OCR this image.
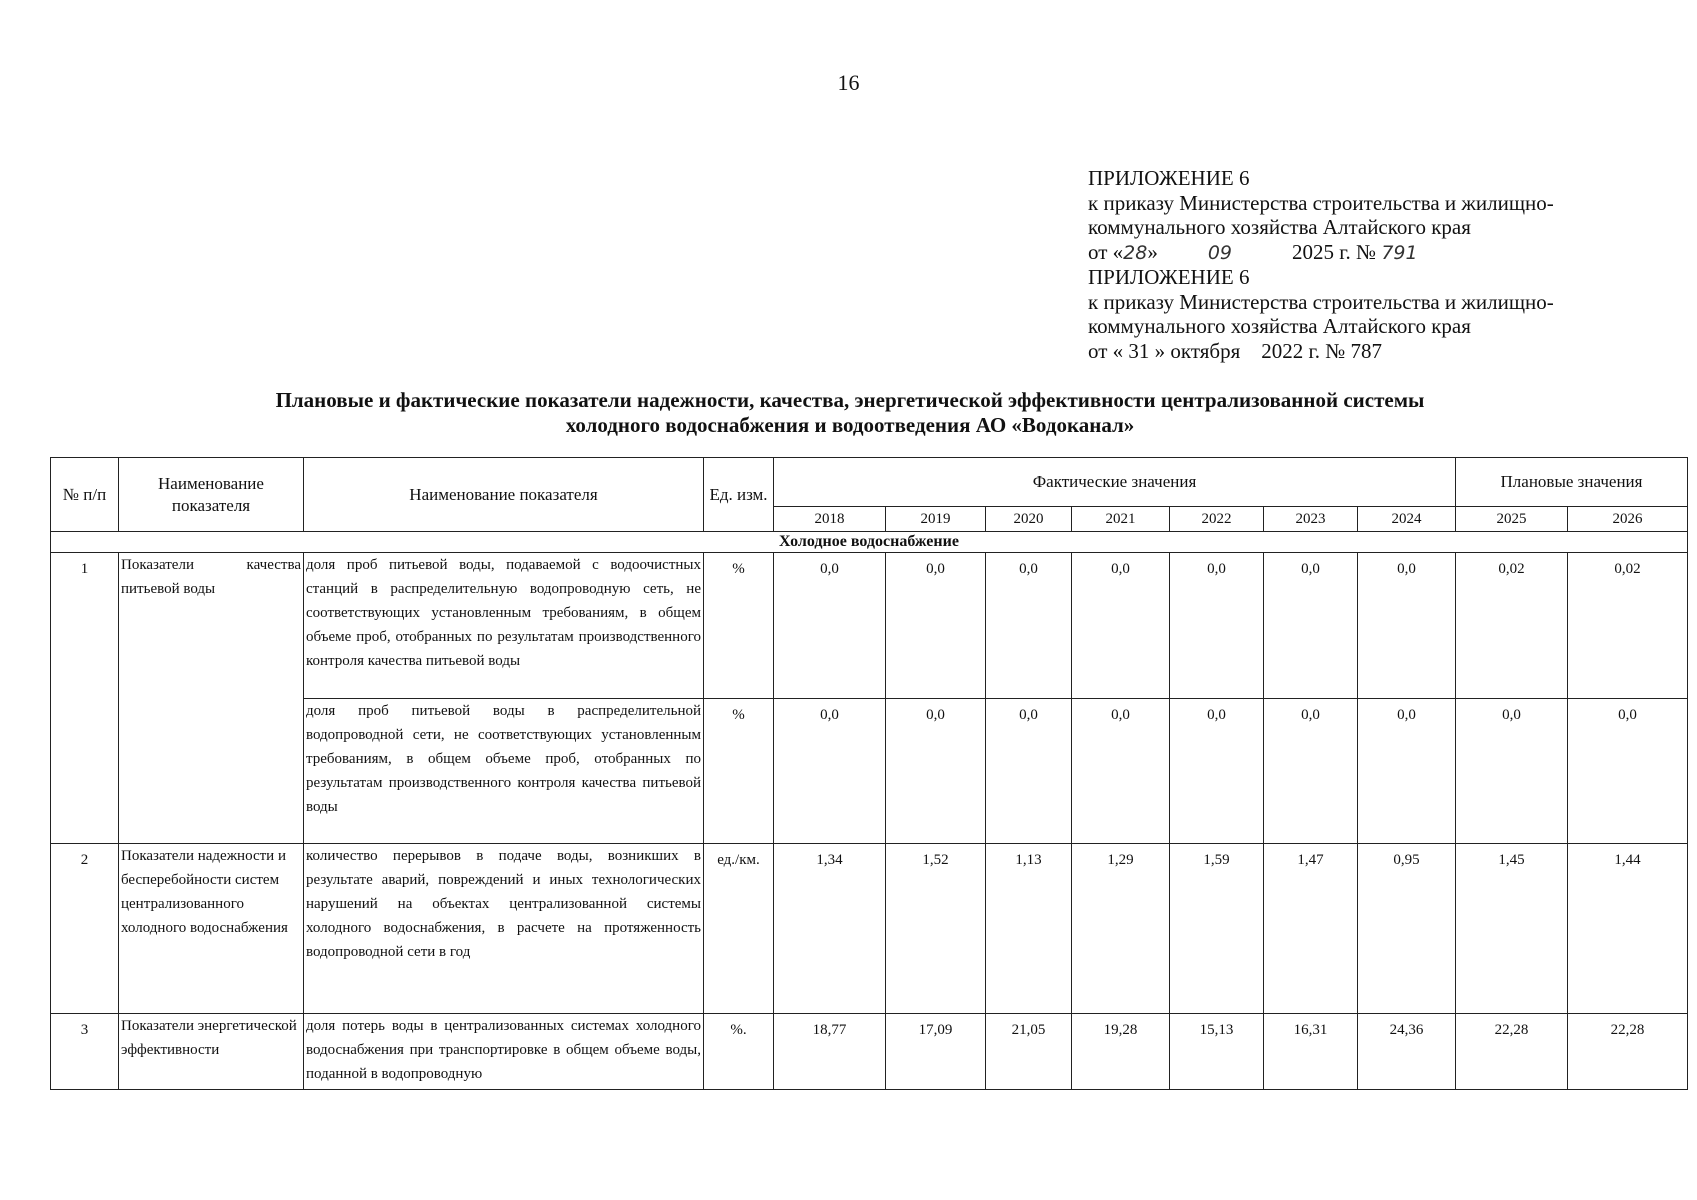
16
ПРИЛОЖЕНИЕ 6
к приказу Министерства строительства и жилищно-
коммунального хозяйства Алтайского края
от «28»	09	2025 г. № 791
ПРИЛОЖЕНИЕ 6
к приказу Министерства строительства и жилищно-
коммунального хозяйства Алтайского края
от « 31 » октября 2022 г. № 787
Плановые и фактические показатели надежности, качества, энергетической эффективности централизованной системы
холодного водоснабжения и водоотведения АО «Водоканал»
№ п/п	Наименование показателя	Наименование показателя	Ед. изм.	Фактические значения							Плановые значения	
				2018	2019	2020	2021	2022	2023	2024	2025	2026
Холодное водоснабжение												
1	Показатели качества питьевой воды	доля проб питьевой воды, подаваемой с водоочистных станций в распределительную водопроводную сеть, не соответствующих установленным требованиям, в общем объеме проб, отобранных по результатам производственного контроля качества питьевой воды	%	0,0	0,0	0,0	0,0	0,0	0,0	0,0	0,02	0,02
		доля проб питьевой воды в распределительной водопроводной сети, не соответствующих установленным требованиям, в общем объеме проб, отобранных по результатам производственного контроля качества питьевой воды	%	0,0	0,0	0,0	0,0	0,0	0,0	0,0	0,0	0,0
2	Показатели надежности и бесперебойности систем централизованного холодного водоснабжения	количество перерывов в подаче воды, возникших в результате аварий, повреждений и иных технологических нарушений на объектах централизованной системы холодного водоснабжения, в расчете на протяженность водопроводной сети в год	ед./км.	1,34	1,52	1,13	1,29	1,59	1,47	0,95	1,45	1,44
3	Показатели энергетической эффективности	доля потерь воды в централизованных системах холодного водоснабжения при транспортировке в общем объеме воды, поданной в водопроводную	%.	18,77	17,09	21,05	19,28	15,13	16,31	24,36	22,28	22,28
